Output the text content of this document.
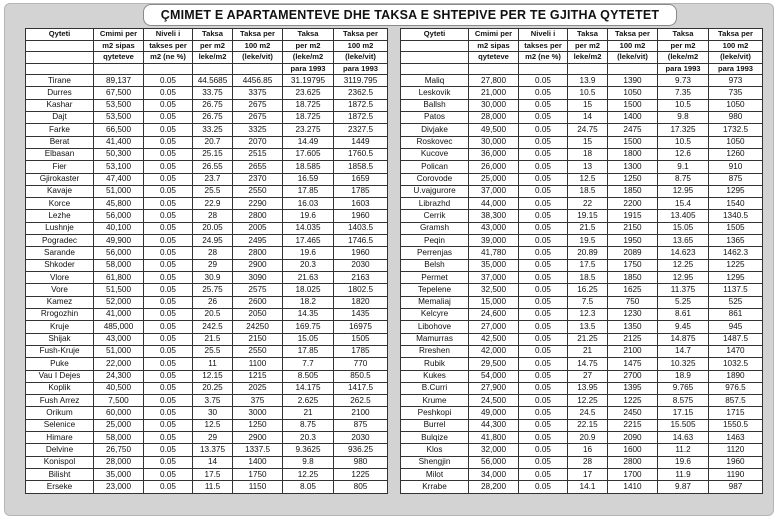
ÇMIMET E APARTAMENTEVE DHE TAKSA E SHTEPIVE PER TE GJITHA QYTETET
Qyteti	Cmimi per	Niveli i	Taksa	Taksa per	Taksa	Taksa per
	m2 sipas	takses per	per m2	100 m2	per m2	100 m2
	qyteteve	m2 (ne %)	leke/m2	(leke/vit)	(leke/m2	(leke/vit)
					para 1993	para 1993
Tirane	89,137	0.05	44.5685	4456.85	31.19795	3119.795
Durres	67,500	0.05	33.75	3375	23.625	2362.5
Kashar	53,500	0.05	26.75	2675	18.725	1872.5
Dajt	53,500	0.05	26.75	2675	18.725	1872.5
Farke	66,500	0.05	33.25	3325	23.275	2327.5
Berat	41,400	0.05	20.7	2070	14.49	1449
Elbasan	50,300	0.05	25.15	2515	17.605	1760.5
Fier	53,100	0.05	26.55	2655	18.585	1858.5
Gjirokaster	47,400	0.05	23.7	2370	16.59	1659
Kavaje	51,000	0.05	25.5	2550	17.85	1785
Korce	45,800	0.05	22.9	2290	16.03	1603
Lezhe	56,000	0.05	28	2800	19.6	1960
Lushnje	40,100	0.05	20.05	2005	14.035	1403.5
Pogradec	49,900	0.05	24.95	2495	17.465	1746.5
Sarande	56,000	0.05	28	2800	19.6	1960
Shkoder	58,000	0.05	29	2900	20.3	2030
Vlore	61,800	0.05	30.9	3090	21.63	2163
Vore	51,500	0.05	25.75	2575	18.025	1802.5
Kamez	52,000	0.05	26	2600	18.2	1820
Rrogozhin	41,000	0.05	20.5	2050	14.35	1435
Kruje	485,000	0.05	242.5	24250	169.75	16975
Shijak	43,000	0.05	21.5	2150	15.05	1505
Fush-Kruje	51,000	0.05	25.5	2550	17.85	1785
Puke	22,000	0.05	11	1100	7.7	770
Vau I Dejes	24,300	0.05	12.15	1215	8.505	850.5
Koplik	40,500	0.05	20.25	2025	14.175	1417.5
Fush Arrez	7,500	0.05	3.75	375	2.625	262.5
Orikum	60,000	0.05	30	3000	21	2100
Selenice	25,000	0.05	12.5	1250	8.75	875
Himare	58,000	0.05	29	2900	20.3	2030
Delvine	26,750	0.05	13.375	1337.5	9.3625	936.25
Konispol	28,000	0.05	14	1400	9.8	980
Bilisht	35,000	0.05	17.5	1750	12.25	1225
Erseke	23,000	0.05	11.5	1150	8.05	805
Qyteti	Cmimi per	Niveli i	Taksa	Taksa per	Taksa	Taksa per
	m2 sipas	takses per	per m2	100 m2	per m2	100 m2
	qyteteve	m2 (ne %)	leke/m2	(leke/vit)	(leke/m2	(leke/vit)
					para 1993	para 1993
Maliq	27,800	0.05	13.9	1390	9.73	973
Leskovik	21,000	0.05	10.5	1050	7.35	735
Ballsh	30,000	0.05	15	1500	10.5	1050
Patos	28,000	0.05	14	1400	9.8	980
Divjake	49,500	0.05	24.75	2475	17.325	1732.5
Roskovec	30,000	0.05	15	1500	10.5	1050
Kucove	36,000	0.05	18	1800	12.6	1260
Polican	26,000	0.05	13	1300	9.1	910
Corovode	25,000	0.05	12.5	1250	8.75	875
U.vajgurore	37,000	0.05	18.5	1850	12.95	1295
Librazhd	44,000	0.05	22	2200	15.4	1540
Cerrik	38,300	0.05	19.15	1915	13.405	1340.5
Gramsh	43,000	0.05	21.5	2150	15.05	1505
Peqin	39,000	0.05	19.5	1950	13.65	1365
Perrenjas	41,780	0.05	20.89	2089	14.623	1462.3
Belsh	35,000	0.05	17.5	1750	12.25	1225
Permet	37,000	0.05	18.5	1850	12.95	1295
Tepelene	32,500	0.05	16.25	1625	11.375	1137.5
Memaliaj	15,000	0.05	7.5	750	5.25	525
Kelcyre	24,600	0.05	12.3	1230	8.61	861
Libohove	27,000	0.05	13.5	1350	9.45	945
Mamurras	42,500	0.05	21.25	2125	14.875	1487.5
Rreshen	42,000	0.05	21	2100	14.7	1470
Rubik	29,500	0.05	14.75	1475	10.325	1032.5
Kukes	54,000	0.05	27	2700	18.9	1890
B.Curri	27,900	0.05	13.95	1395	9.765	976.5
Krume	24,500	0.05	12.25	1225	8.575	857.5
Peshkopi	49,000	0.05	24.5	2450	17.15	1715
Burrel	44,300	0.05	22.15	2215	15.505	1550.5
Bulqize	41,800	0.05	20.9	2090	14.63	1463
Klos	32,000	0.05	16	1600	11.2	1120
Shengjin	56,000	0.05	28	2800	19.6	1960
Milot	34,000	0.05	17	1700	11.9	1190
Krrabe	28,200	0.05	14.1	1410	9.87	987
